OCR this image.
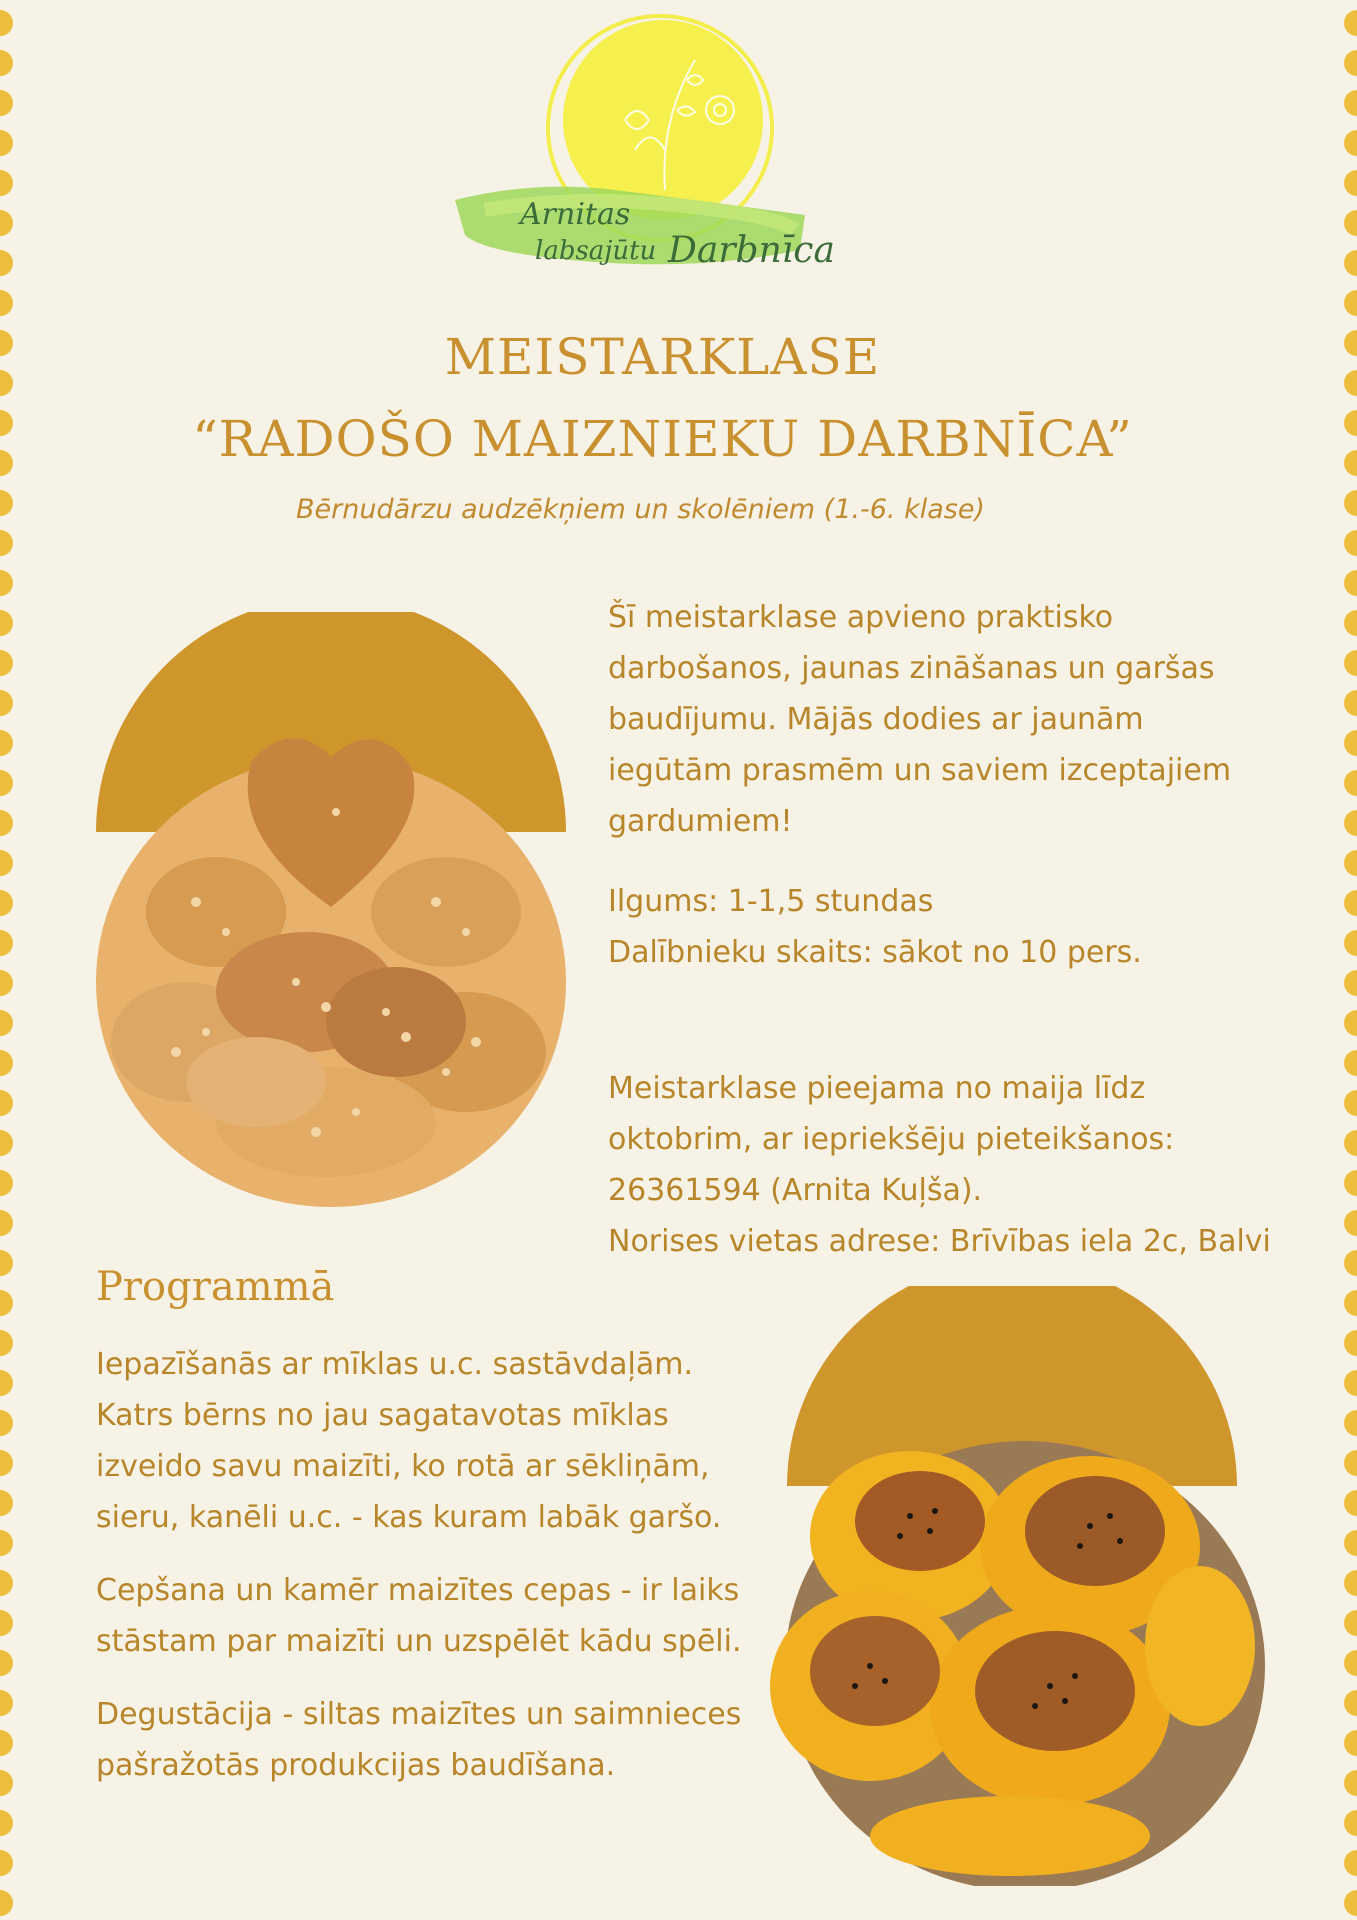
Arnitas
labsajūtu Darbnīca
MEISTARKLASE
“RADOŠO MAIZNIEKU DARBNĪCA”
Bērnudārzu audzēkņiem un skolēniem (1.-6. klase)

Šī meistarklase apvieno praktisko

darbošanos, jaunas zināšanas un garšas

baudījumu. Mājās dodies ar jaunām

iegūtām prasmēm un saviem izceptajiem

gardumiem!

Ilgums: 1-1,5 stundas
Dalībnieku skaits: sākot no 10 pers.
Meistarklase pieejama no maija līdz
oktobrim, ar iepriekšēju pieteikšanos:
26361594 (Arnita Kuļša).
Norises vietas adrese: Brīvības iela 2c, Balvi
Programmā

Iepazīšanās ar mīklas u.c. sastāvdaļām. Katrs bērns no jau sagatavotas mīklas izveido savu maizīti, ko rotā ar sēkliņām, sieru, kanēli u.c. - kas kuram labāk garšo.

Cepšana un kamēr maizītes cepas - ir laiks stāstam par maizīti un uzspēlēt kādu spēli.

Degustācija - siltas maizītes un saimnieces pašražotās produkcijas baudīšana.
